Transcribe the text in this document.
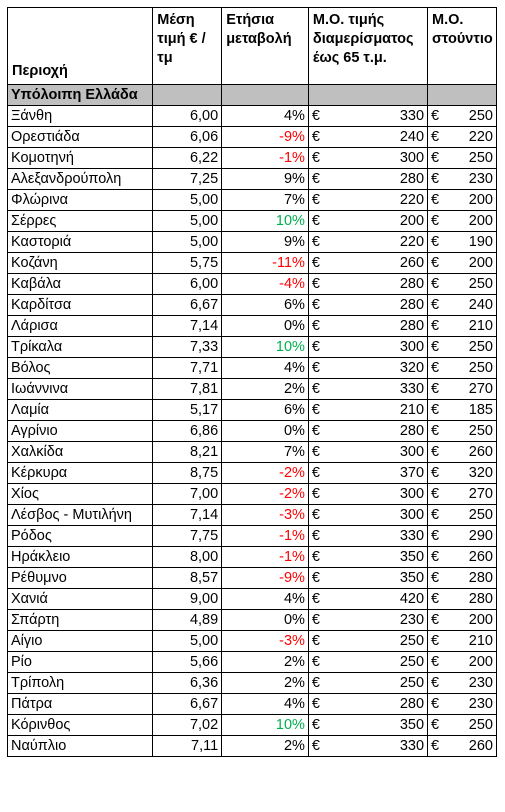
Περιοχή	Μέση τιμή € / τμ	Ετήσια μεταβολή	Μ.Ο. τιμής διαμερίσματος έως 65 τ.μ.	Μ.Ο. στούντιο
Υπόλοιπη Ελλάδα				
Ξάνθη	6,00	4%	€ 330	€ 250

Ορεστιάδα	6,06	-9%	€ 240	€ 220

Κομοτηνή	6,22	-1%	€ 300	€ 250

Αλεξανδρούπολη	7,25	9%	€ 280	€ 230

Φλώρινα	5,00	7%	€ 220	€ 200

Σέρρες	5,00	10%	€ 200	€ 200

Καστοριά	5,00	9%	€ 220	€ 190

Κοζάνη	5,75	-11%	€ 260	€ 200

Καβάλα	6,00	-4%	€ 280	€ 250

Καρδίτσα	6,67	6%	€ 280	€ 240

Λάρισα	7,14	0%	€ 280	€ 210

Τρίκαλα	7,33	10%	€ 300	€ 250

Βόλος	7,71	4%	€ 320	€ 250

Ιωάννινα	7,81	2%	€ 330	€ 270

Λαμία	5,17	6%	€ 210	€ 185

Αγρίνιο	6,86	0%	€ 280	€ 250

Χαλκίδα	8,21	7%	€ 300	€ 260

Κέρκυρα	8,75	-2%	€ 370	€ 320

Χίος	7,00	-2%	€ 300	€ 270

Λέσβος - Μυτιλήνη	7,14	-3%	€ 300	€ 250

Ρόδος	7,75	-1%	€ 330	€ 290

Ηράκλειο	8,00	-1%	€ 350	€ 260

Ρέθυμνο	8,57	-9%	€ 350	€ 280

Χανιά	9,00	4%	€ 420	€ 280

Σπάρτη	4,89	0%	€ 230	€ 200

Αίγιο	5,00	-3%	€ 250	€ 210

Ρίο	5,66	2%	€ 250	€ 200

Τρίπολη	6,36	2%	€ 250	€ 230

Πάτρα	6,67	4%	€ 280	€ 230

Κόρινθος	7,02	10%	€ 350	€ 250

Ναύπλιο	7,11	2%	€ 330	€ 260
